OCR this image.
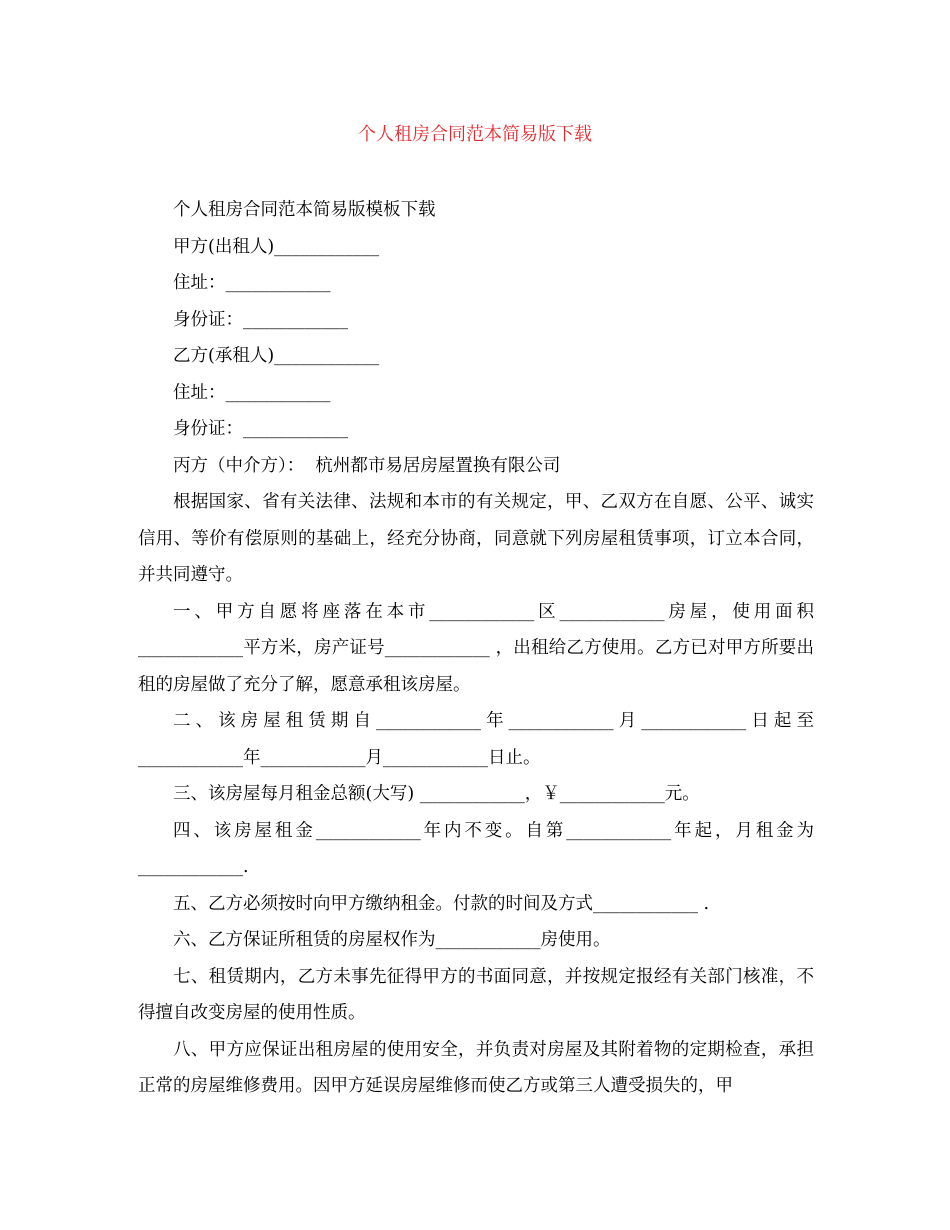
个人租房合同范本简易版下载

个人租房合同范本简易版模板下载

甲方(出租人)____________

住址：____________

身份证：____________

乙方(承租人)____________

住址：____________

身份证：____________

丙方（中介方）：  杭州都市易居房屋置换有限公司

根据国家、省有关法律、法规和本市的有关规定，甲、乙双方在自愿、公平、诚实信用、等价有偿原则的基础上，经充分协商，同意就下列房屋租赁事项，订立本合同，并共同遵守。

一、甲方自愿将座落在本市____________区____________房屋，使用面积____________平方米，房产证号____________ ，出租给乙方使用。乙方已对甲方所要出租的房屋做了充分了解，愿意承租该房屋。

二、该房屋租赁期自____________年____________月____________日起至____________年____________月____________日止。

三、该房屋每月租金总额(大写) ____________，￥____________元。

四、该房屋租金____________年内不变。自第____________年起，月租金为____________.

五、乙方必须按时向甲方缴纳租金。付款的时间及方式____________ .

六、乙方保证所租赁的房屋权作为____________房使用。

七、租赁期内，乙方未事先征得甲方的书面同意，并按规定报经有关部门核准，不得擅自改变房屋的使用性质。

八、甲方应保证出租房屋的使用安全，并负责对房屋及其附着物的定期检查，承担正常的房屋维修费用。因甲方延误房屋维修而使乙方或第三人遭受损失的，甲
